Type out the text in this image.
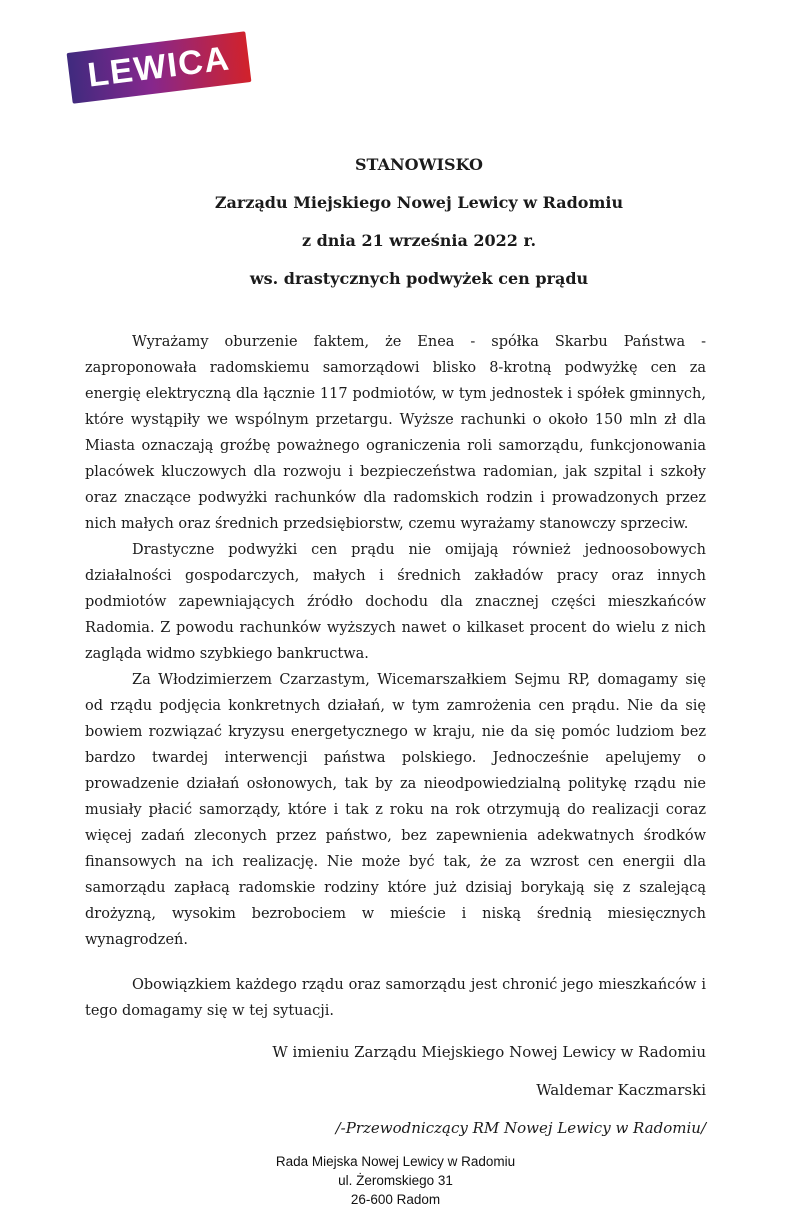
LEWICA

STANOWISKO

Zarządu Miejskiego Nowej Lewicy w Radomiu

z dnia 21 września 2022 r.

ws. drastycznych podwyżek cen prądu

Wyrażamy oburzenie faktem, że Enea - spółka Skarbu Państwa - zaproponowała radomskiemu samorządowi blisko 8-krotną podwyżkę cen za energię elektryczną dla łącznie 117 podmiotów, w tym jednostek i spółek gminnych, które wystąpiły we wspólnym przetargu. Wyższe rachunki o około 150 mln zł dla Miasta oznaczają groźbę poważnego ograniczenia roli samorządu, funkcjonowania placówek kluczowych dla rozwoju i bezpieczeństwa radomian, jak szpital i szkoły oraz znaczące podwyżki rachunków dla radomskich rodzin i prowadzonych przez nich małych oraz średnich przedsiębiorstw, czemu wyrażamy stanowczy sprzeciw.

Drastyczne podwyżki cen prądu nie omijają również jednoosobowych działalności gospodarczych, małych i średnich zakładów pracy oraz innych podmiotów zapewniających źródło dochodu dla znacznej części mieszkańców Radomia. Z powodu rachunków wyższych nawet o kilkaset procent do wielu z nich zagląda widmo szybkiego bankructwa.

Za Włodzimierzem Czarzastym, Wicemarszałkiem Sejmu RP, domagamy się od rządu podjęcia konkretnych działań, w tym zamrożenia cen prądu. Nie da się bowiem rozwiązać kryzysu energetycznego w kraju, nie da się pomóc ludziom bez bardzo twardej interwencji państwa polskiego. Jednocześnie apelujemy o prowadzenie działań osłonowych, tak by za nieodpowiedzialną politykę rządu nie musiały płacić samorządy, które i tak z roku na rok otrzymują do realizacji coraz więcej zadań zleconych przez państwo, bez zapewnienia adekwatnych środków finansowych na ich realizację. Nie może być tak, że za wzrost cen energii dla samorządu zapłacą radomskie rodziny które już dzisiaj borykają się z szalejącą drożyzną, wysokim bezrobociem w mieście i niską średnią miesięcznych wynagrodzeń.

Obowiązkiem każdego rządu oraz samorządu jest chronić jego mieszkańców i tego domagamy się w tej sytuacji.

W imieniu Zarządu Miejskiego Nowej Lewicy w Radomiu

Waldemar Kaczmarski

/-Przewodniczący RM Nowej Lewicy w Radomiu/

Rada Miejska Nowej Lewicy w Radomiu

ul. Żeromskiego 31

26-600 Radom
